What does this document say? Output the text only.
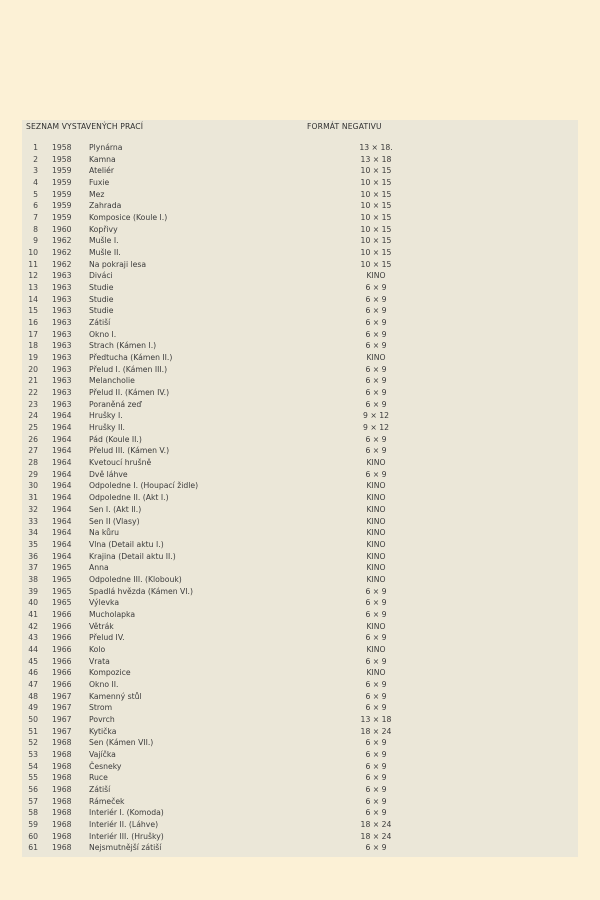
SEZNAM VYSTAVENÝCH PRACÍ	FORMÁT NEGATIVU
1 1958 Plynárna	13 × 18.
2 1958 Kamna	13 × 18
3 1959 Ateliér	10 × 15
4 1959 Fuxie	10 × 15
5 1959 Mez	10 × 15
6 1959 Zahrada	10 × 15
7 1959 Komposice (Koule I.)	10 × 15
8 1960 Kopřivy	10 × 15
9 1962 Mušle I.	10 × 15
10 1962 Mušle II.	10 × 15
11 1962 Na pokraji lesa	10 × 15
12 1963 Diváci	KINO
13 1963 Studie	6 × 9
14 1963 Studie	6 × 9
15 1963 Studie	6 × 9
16 1963 Zátiší	6 × 9
17 1963 Okno I.	6 × 9
18 1963 Strach (Kámen I.)	6 × 9
19 1963 Předtucha (Kámen II.)	KINO
20 1963 Přelud I. (Kámen III.)	6 × 9
21 1963 Melancholie	6 × 9
22 1963 Přelud II. (Kámen IV.)	6 × 9
23 1963 Poraněná zeď	6 × 9
24 1964 Hrušky I.	9 × 12
25 1964 Hrušky II.	9 × 12
26 1964 Pád (Koule II.)	6 × 9
27 1964 Přelud III. (Kámen V.)	6 × 9
28 1964 Kvetoucí hrušně	KINO
29 1964 Dvě láhve	6 × 9
30 1964 Odpoledne I. (Houpací židle)	KINO
31 1964 Odpoledne II. (Akt I.)	KINO
32 1964 Sen I. (Akt II.)	KINO
33 1964 Sen II (Vlasy)	KINO
34 1964 Na kůru	KINO
35 1964 Vlna (Detail aktu I.)	KINO
36 1964 Krajina (Detail aktu II.)	KINO
37 1965 Anna	KINO
38 1965 Odpoledne III. (Klobouk)	KINO
39 1965 Spadlá hvězda (Kámen VI.)	6 × 9
40 1965 Výlevka	6 × 9
41 1966 Mucholapka	6 × 9
42 1966 Větrák	KINO
43 1966 Přelud IV.	6 × 9
44 1966 Kolo	KINO
45 1966 Vrata	6 × 9
46 1966 Kompozice	KINO
47 1966 Okno II.	6 × 9
48 1967 Kamenný stůl	6 × 9
49 1967 Strom	6 × 9
50 1967 Povrch	13 × 18
51 1967 Kytička	18 × 24
52 1968 Sen (Kámen VII.)	6 × 9
53 1968 Vajíčka	6 × 9
54 1968 Česneky	6 × 9
55 1968 Ruce	6 × 9
56 1968 Zátiší	6 × 9
57 1968 Rámeček	6 × 9
58 1968 Interiér I. (Komoda)	6 × 9
59 1968 Interiér II. (Láhve)	18 × 24
60 1968 Interiér III. (Hrušky)	18 × 24
61 1968 Nejsmutnější zátiší	6 × 9
